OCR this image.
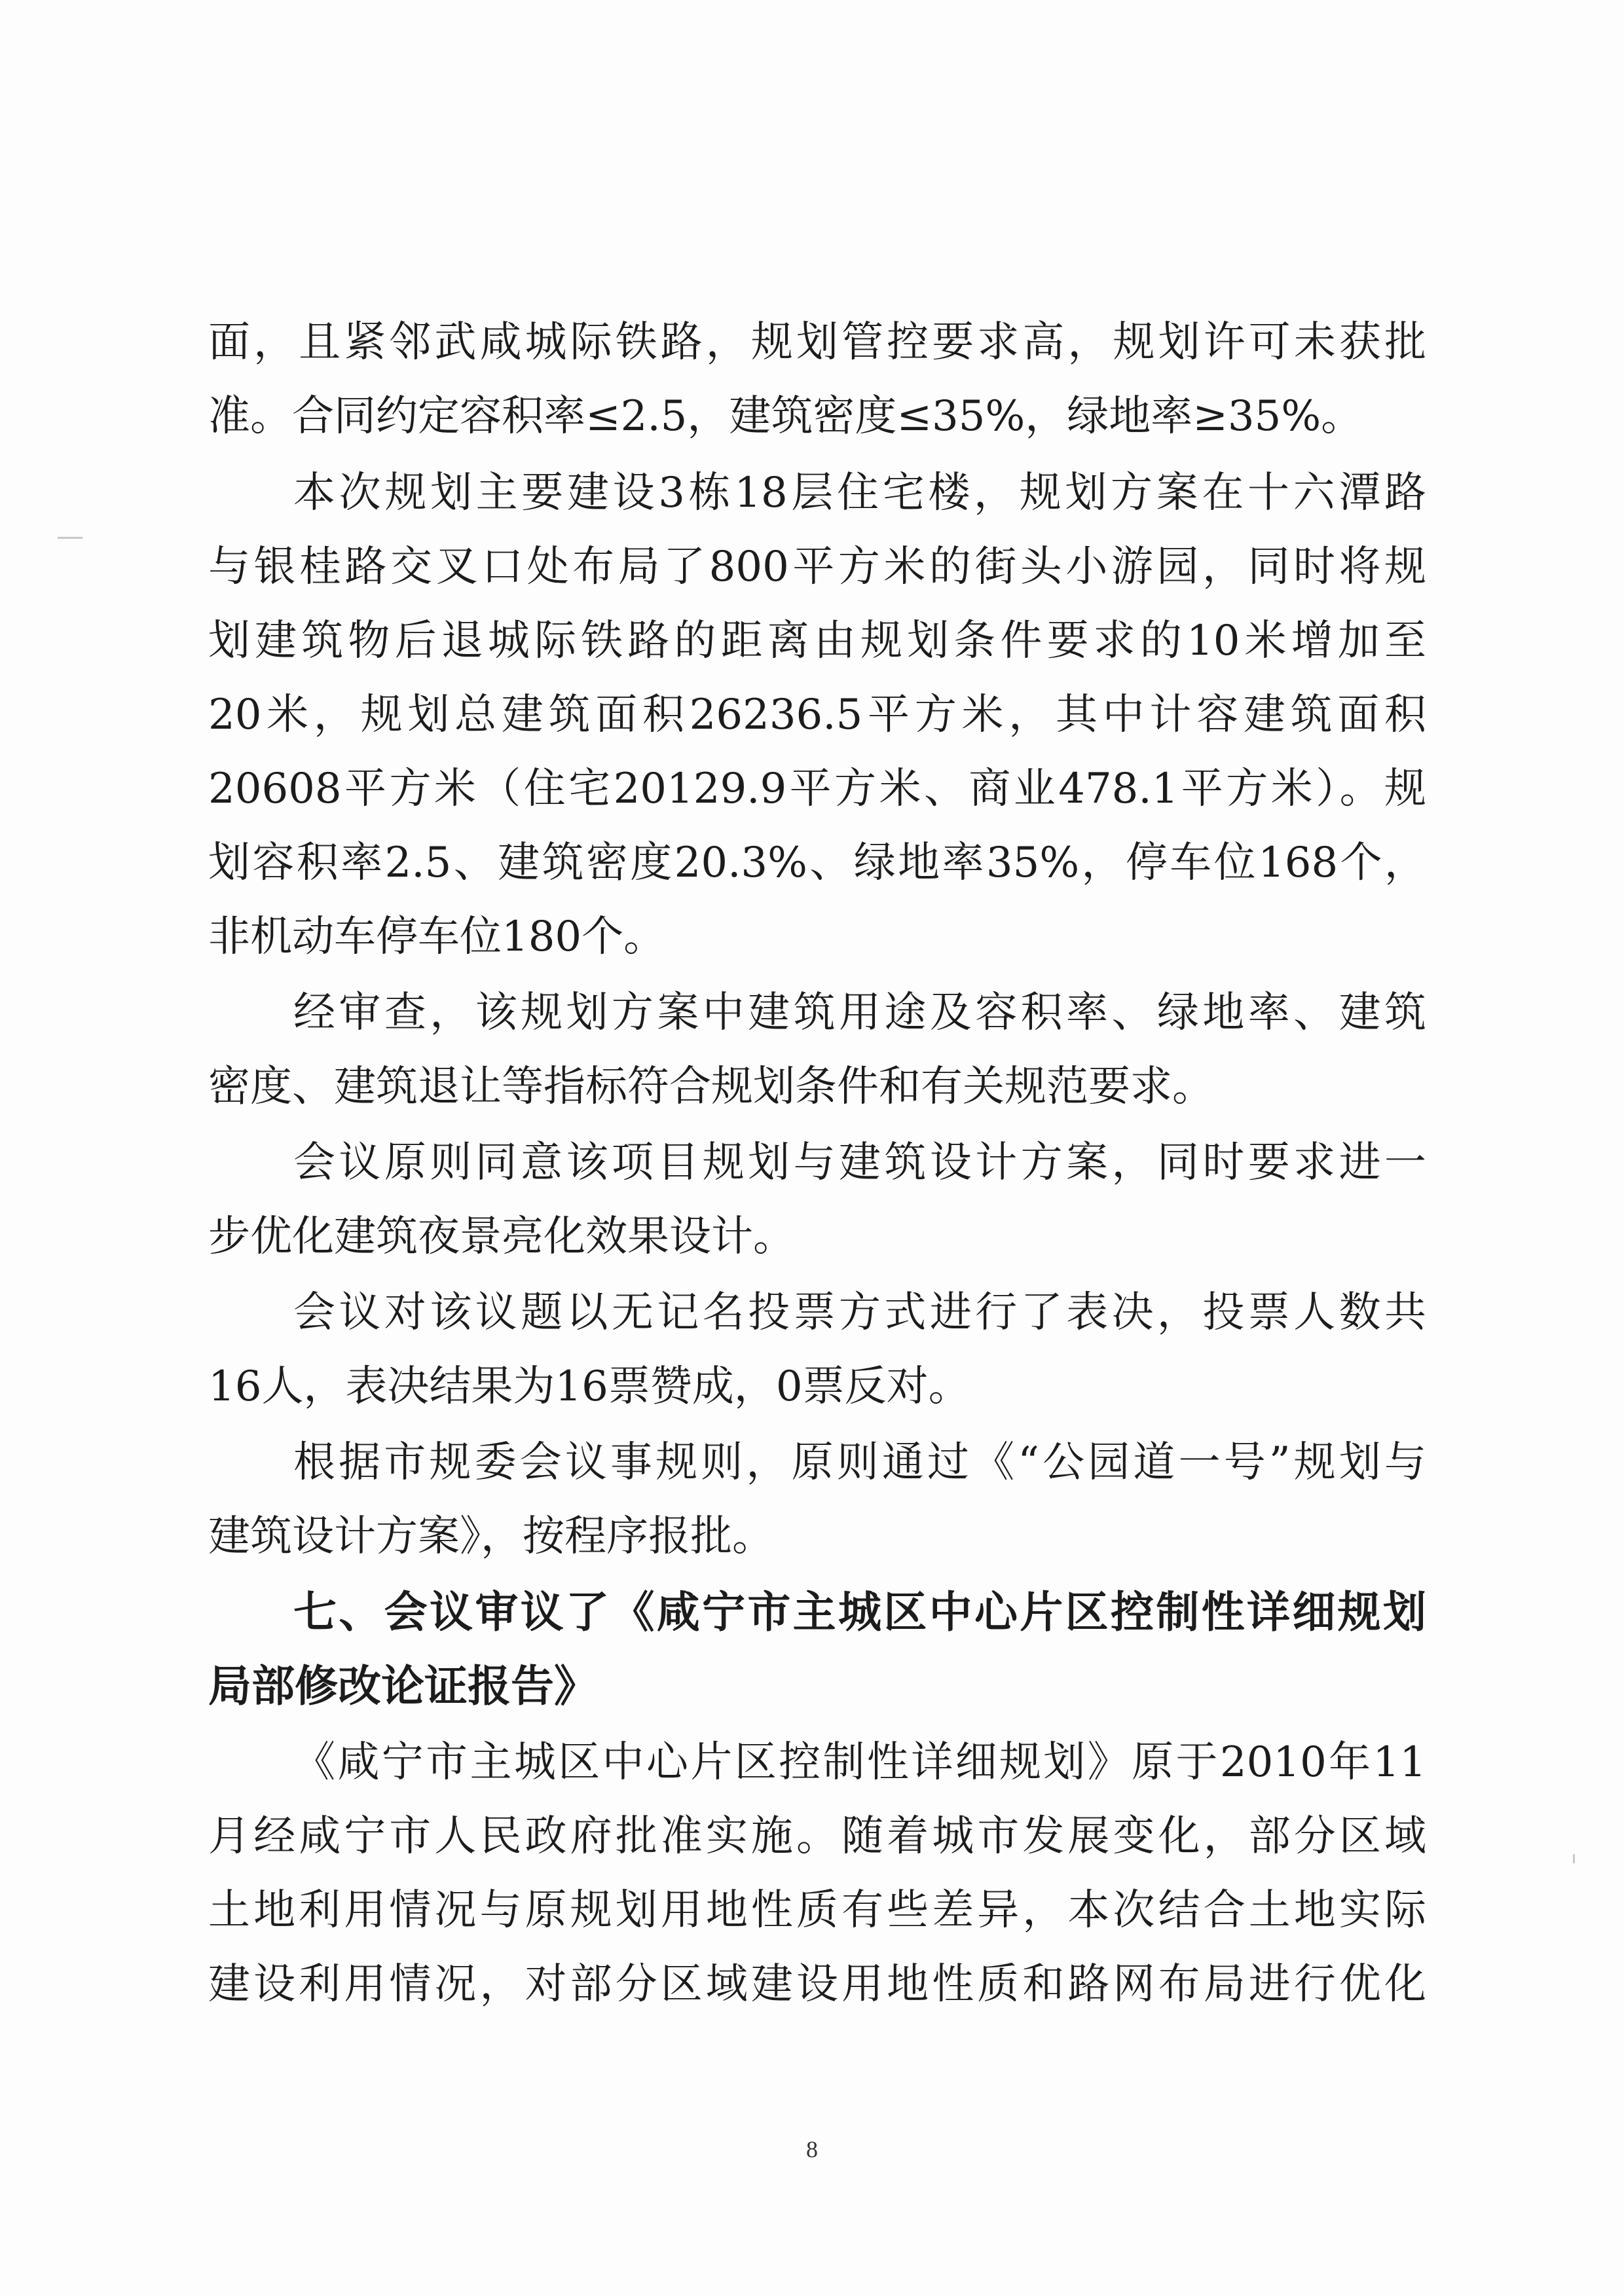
面，且紧邻武咸城际铁路，规划管控要求高，规划许可未获批
准。合同约定容积率≤2.5，建筑密度≤35%，绿地率≥35%。
本次规划主要建设3栋18层住宅楼，规划方案在十六潭路
与银桂路交叉口处布局了800平方米的街头小游园，同时将规
划建筑物后退城际铁路的距离由规划条件要求的10米增加至
20米，规划总建筑面积26236.5平方米，其中计容建筑面积
20608平方米（住宅20129.9平方米、商业478.1平方米）。规
划容积率2.5、建筑密度20.3%、绿地率35%，停车位168个，
非机动车停车位180个。
经审查，该规划方案中建筑用途及容积率、绿地率、建筑
密度、建筑退让等指标符合规划条件和有关规范要求。
会议原则同意该项目规划与建筑设计方案，同时要求进一
步优化建筑夜景亮化效果设计。
会议对该议题以无记名投票方式进行了表决，投票人数共
16人，表决结果为16票赞成，0票反对。
根据市规委会议事规则，原则通过《“公园道一号”规划与
建筑设计方案》，按程序报批。
七、会议审议了《咸宁市主城区中心片区控制性详细规划
局部修改论证报告》
《咸宁市主城区中心片区控制性详细规划》原于2010年11
月经咸宁市人民政府批准实施。随着城市发展变化，部分区域
土地利用情况与原规划用地性质有些差异，本次结合土地实际
建设利用情况，对部分区域建设用地性质和路网布局进行优化
8
